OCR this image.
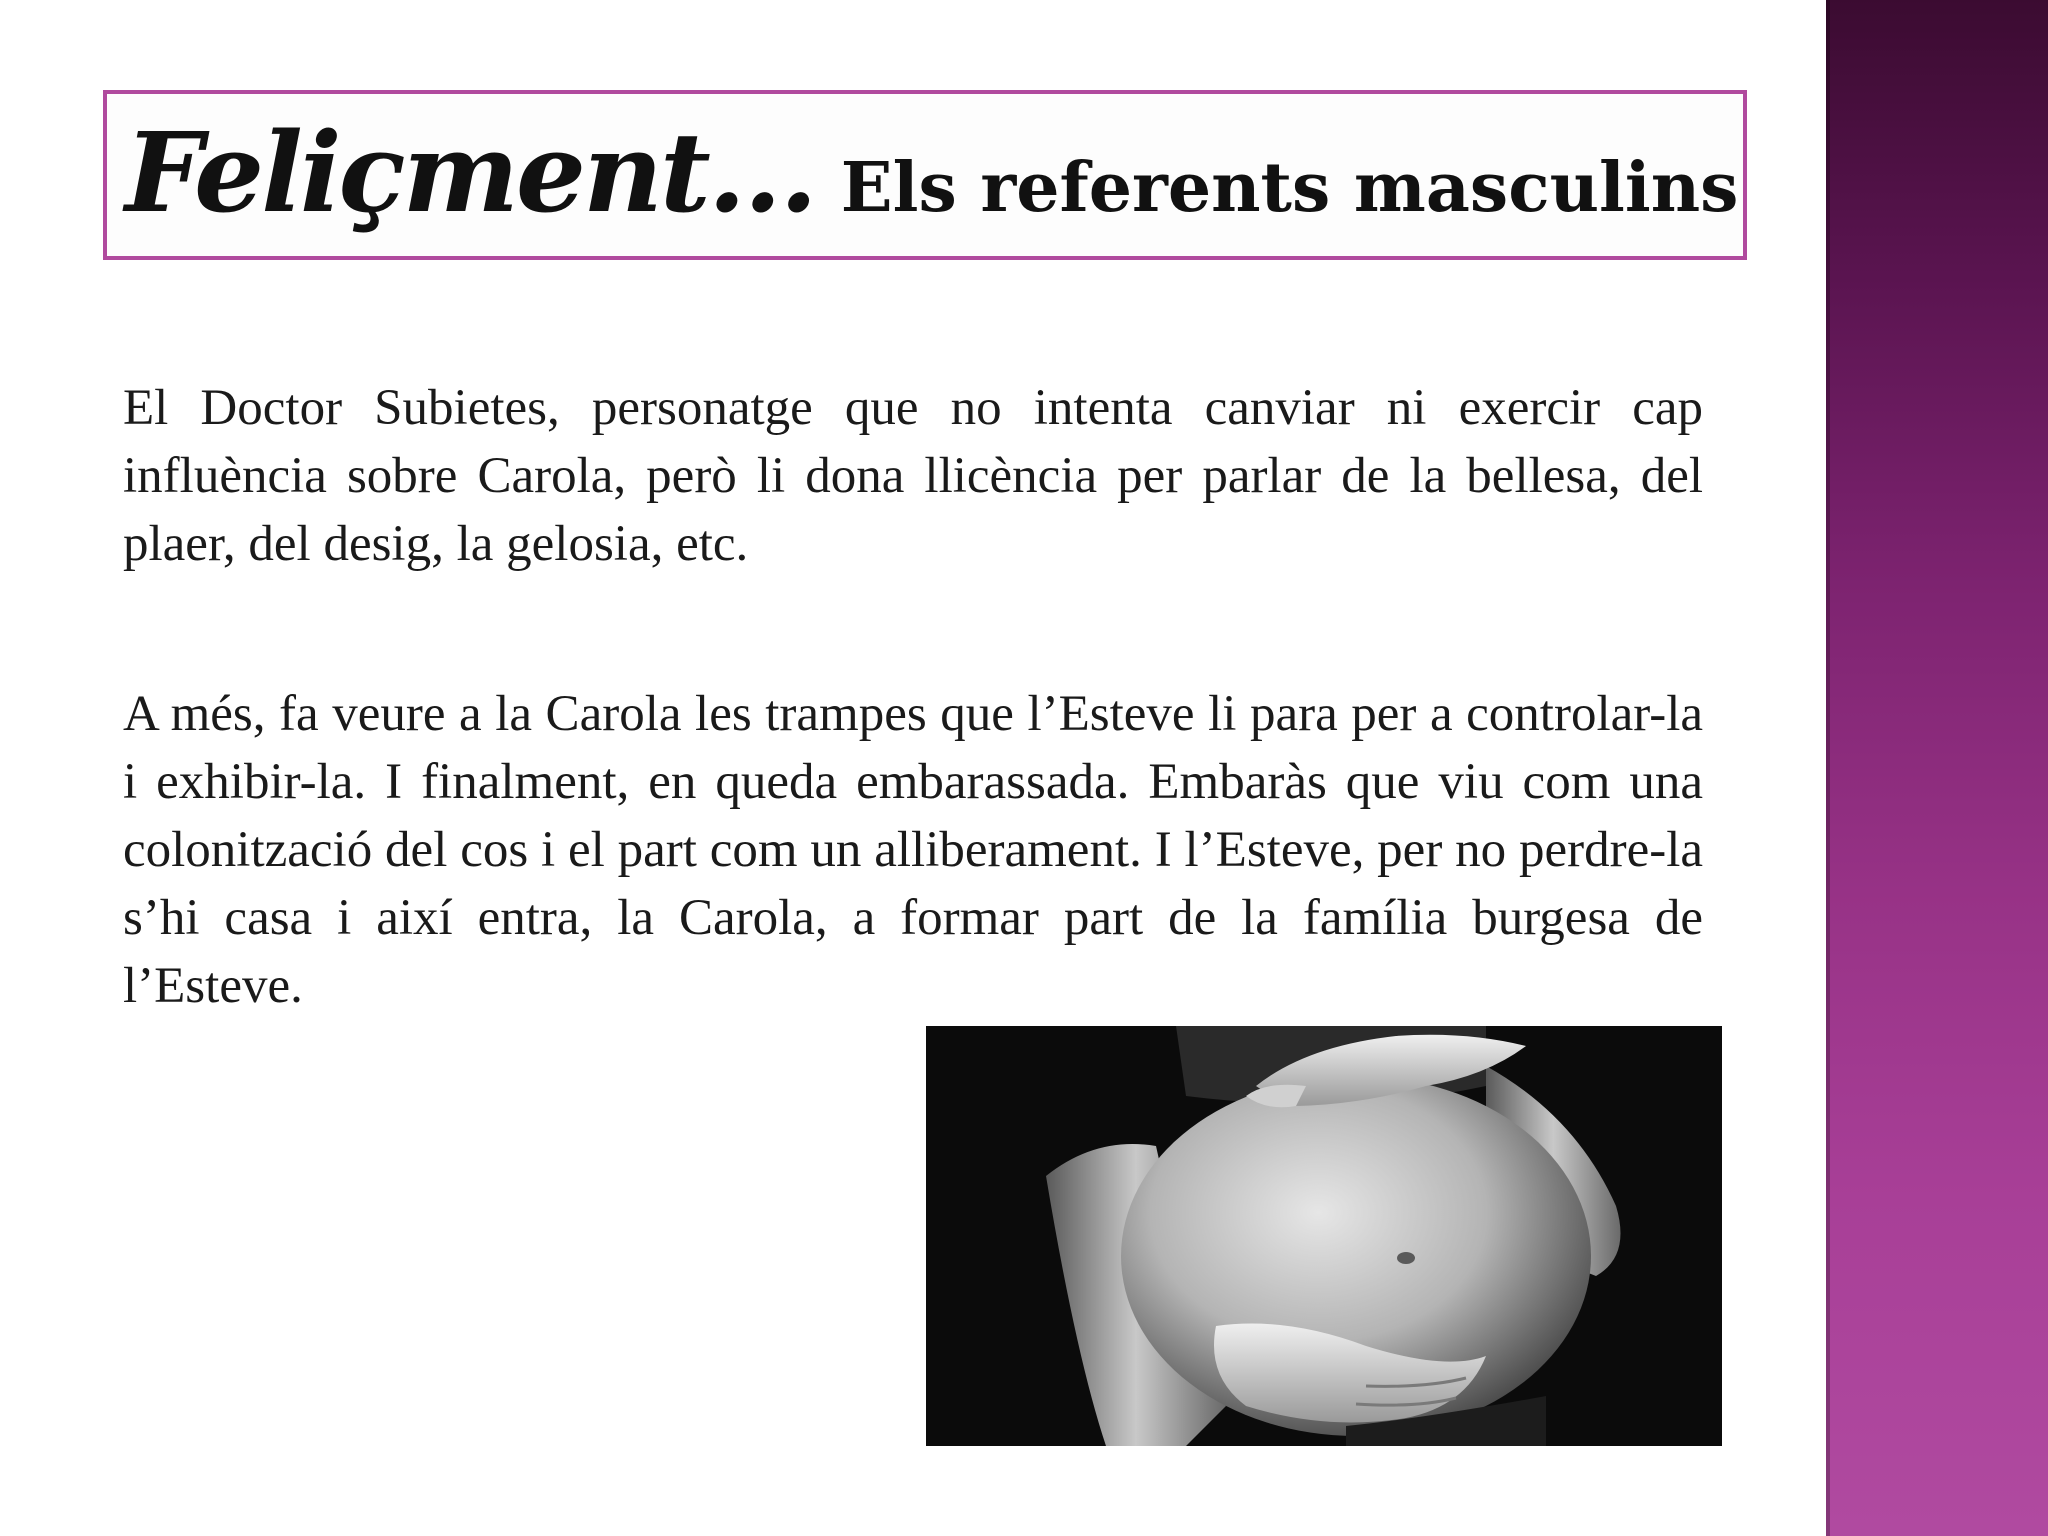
Feliçment… Els referents masculins

El Doctor Subietes, personatge que no intenta canviar ni exercir cap influència sobre Carola, però li dona llicència per parlar de la bellesa, del plaer, del desig, la gelosia, etc.

A més, fa veure a la Carola les trampes que l’Esteve li para per a controlar-la i exhibir-la. I finalment, en queda embarassada. Embaràs que viu com una colonització del cos i el part com un alliberament. I l’Esteve, per no perdre-la s’hi casa i així entra, la Carola, a formar part de la família burgesa de l’Esteve.
